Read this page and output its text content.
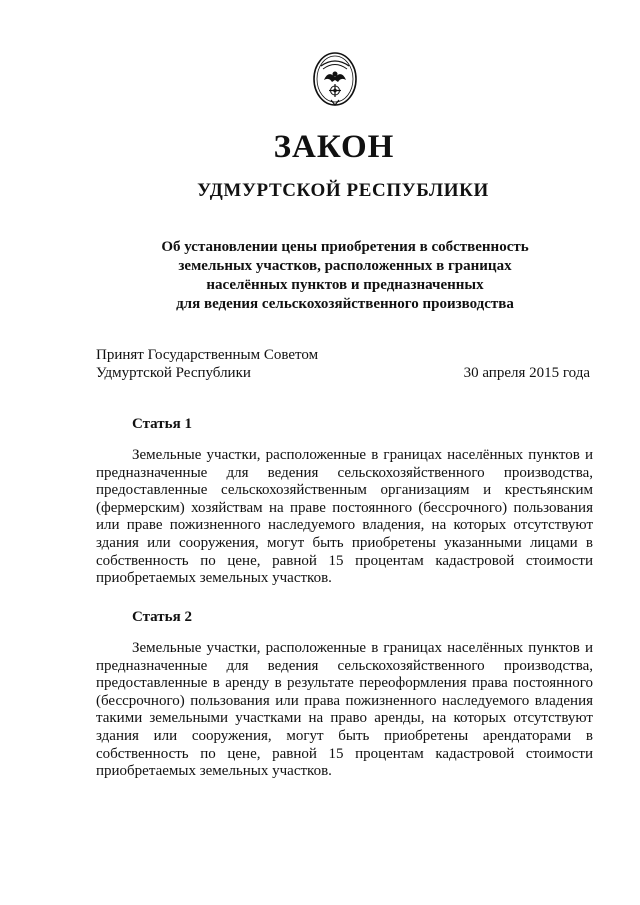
ЗАКОН
УДМУРТСКОЙ РЕСПУБЛИКИ
Об установлении цены приобретения в собственность
земельных участков, расположенных в границах
населённых пунктов и предназначенных
для ведения сельскохозяйственного производства
Принят Государственным Советом
Удмуртской Республики	30 апреля 2015 года
Статья 1

Земельные участки, расположенные в границах населённых пунктов и предназначенные для ведения сельскохозяйственного производства, предоставленные сельскохозяйственным организациям и крестьянским (фермерским) хозяйствам на праве постоянного (бессрочного) пользования или праве пожизненного наследуемого владения, на которых отсутствуют здания или сооружения, могут быть приобретены указанными лицами в собственность по цене, равной 15 процентам кадастровой стоимости приобретаемых земельных участков.

Статья 2

Земельные участки, расположенные в границах населённых пунктов и предназначенные для ведения сельскохозяйственного производства, предоставленные в аренду в результате переоформления права постоянного (бессрочного) пользования или права пожизненного наследуемого владения такими земельными участками на право аренды, на которых отсутствуют здания или сооружения, могут быть приобретены арендаторами в собственность по цене, равной 15 процентам кадастровой стоимости приобретаемых земельных участков.
